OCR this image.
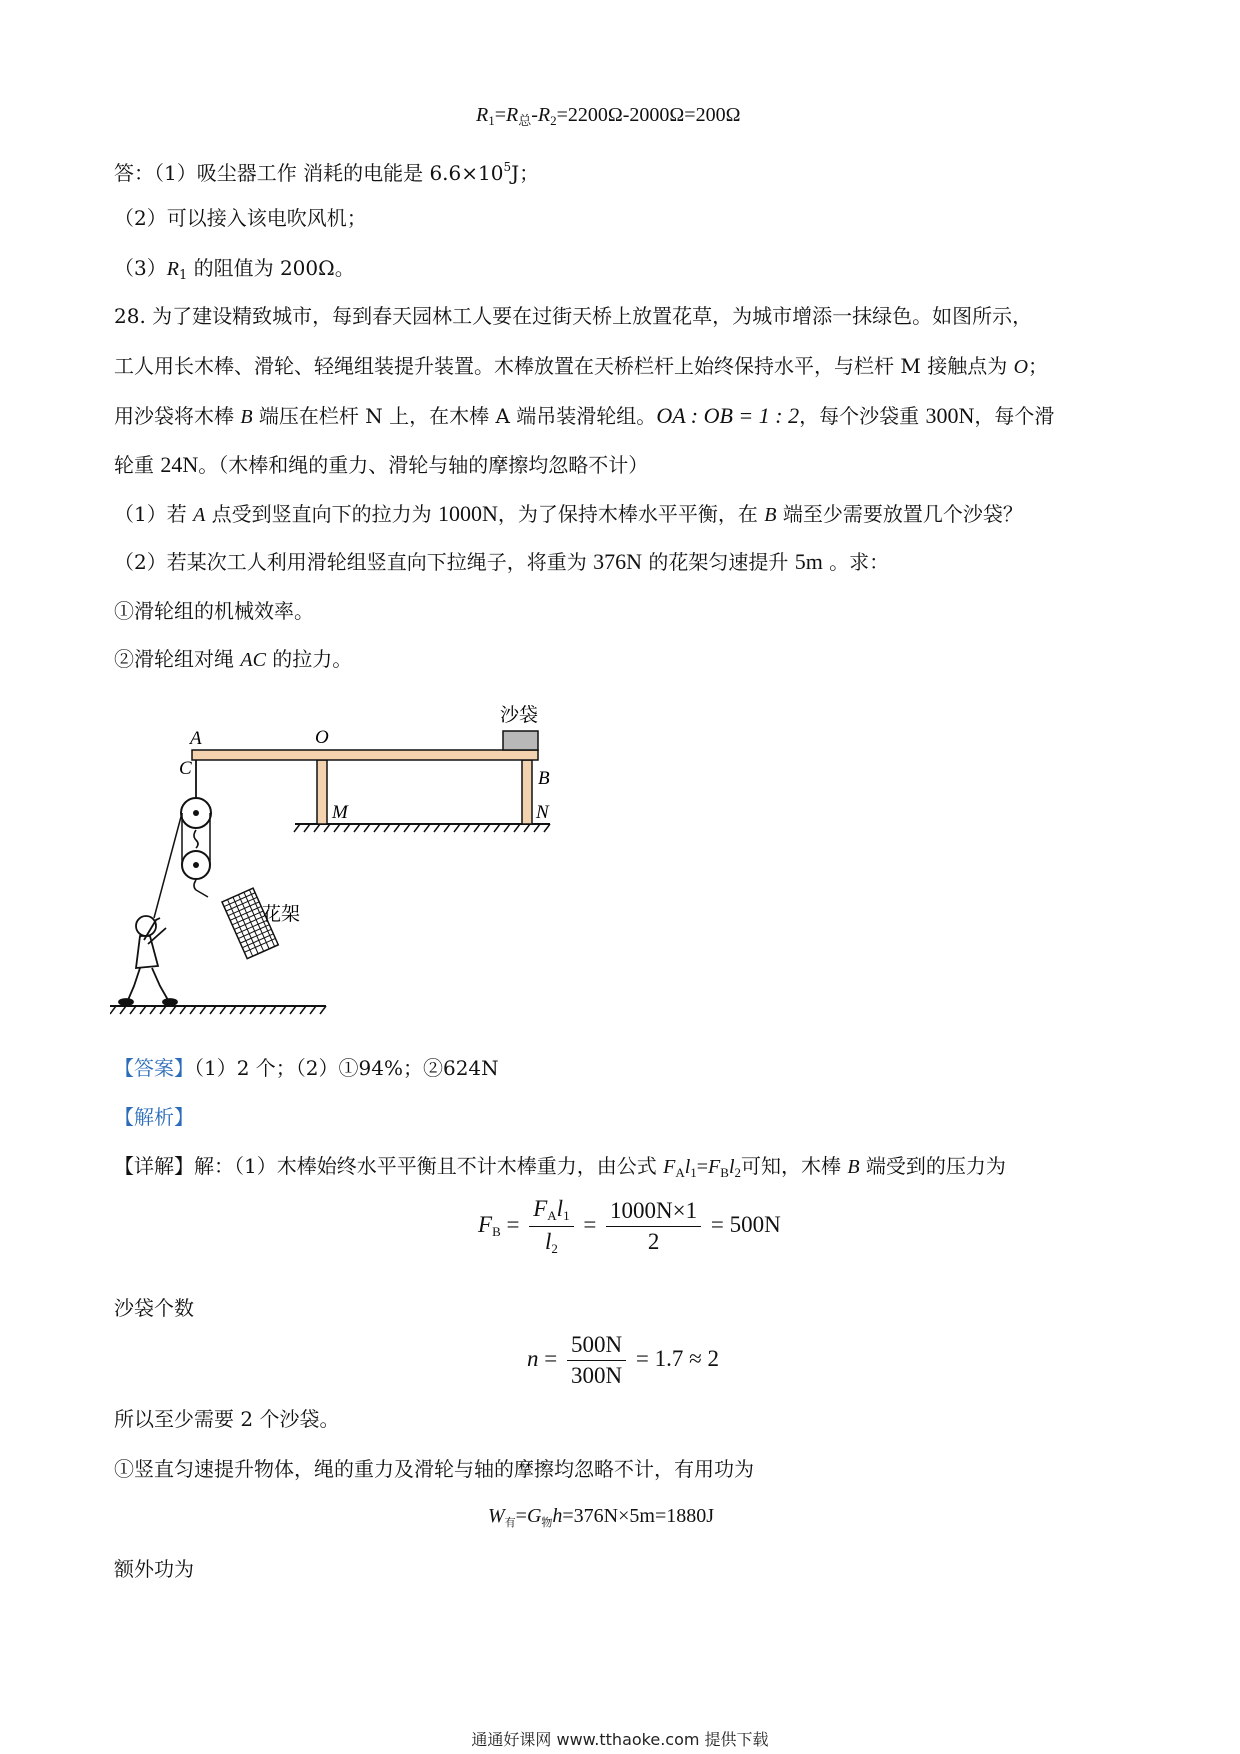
$R_1=R_总-R_2=2200\Omega-2000\Omega=200\Omega$
答：（1）吸尘器工作 消耗的电能是 $6.6\times 10^5J$；
（2）可以接入该电吹风机；
$(3)R_1$ 的阻值为 200Ω。
28. 为了建设精致城市，每到春天园林工人要在过街天桥上放置花草，为城市增添一抹绿色。如图所示，
工人用长木棒、滑轮、轻绳组装提升装置。木棒放置在天桥栏杆上始终保持水平，与栏杆 M 接触点为 O；
用沙袋将木棒 B 端压在栏杆 N 上，在木棒 A 端吊装滑轮组。OA : OB = 1 : 2，每个沙袋重 300N，每个滑
轮重 24N。（木棒和绳的重力、滑轮与轴的摩擦均忽略不计）
（1）若 A 点受到竖直向下的拉力为 1000N，为了保持木棒水平平衡，在 B 端至少需要放置几个沙袋？
（2）若某次工人利用滑轮组竖直向下拉绳子，将重为 376N 的花架匀速提升 5m 。求：
①滑轮组的机械效率。
②滑轮组对绳 AC 的拉力。
沙袋
A	O
B
C
M	N
花架
【答案】（1）2 个；（2）①94%；②624N
【解析】
【详解】解：（1）木棒始终水平平衡且不计木棒重力，由公式 $F_Al_1=F_Bl_2$可知，木棒 B 端受到的压力为
$F_B = \frac{F_Al_1}{l_2} = \frac{1000N\times 1}{2} = 500N$
沙袋个数
$n = \frac{500N}{300N} = 1.7 \approx 2$
所以至少需要 2 个沙袋。
①竖直匀速提升物体，绳的重力及滑轮与轴的摩擦均忽略不计，有用功为
$W_有=G_物h=376N\times 5m=1880J$
额外功为
通通好课网 www.tthaoke.com 提供下载
